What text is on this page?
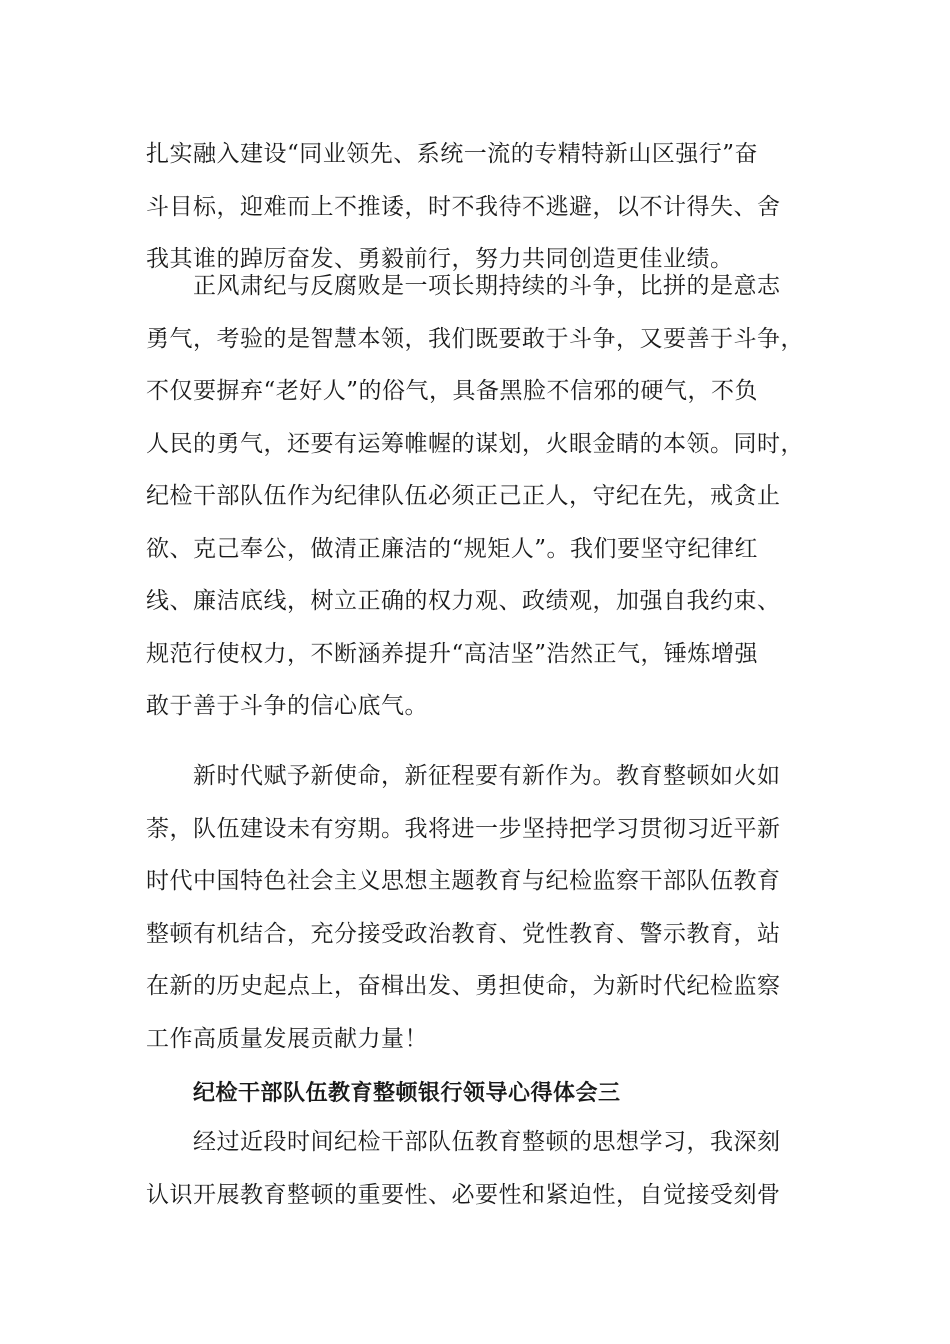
扎实融入建设“同业领先、系统一流的专精特新山区强行”奋
斗目标，迎难而上不推诿，时不我待不逃避，以不计得失、舍
我其谁的踔厉奋发、勇毅前行，努力共同创造更佳业绩。
　　正风肃纪与反腐败是一项长期持续的斗争，比拼的是意志
勇气，考验的是智慧本领，我们既要敢于斗争，又要善于斗争，
不仅要摒弃“老好人”的俗气，具备黑脸不信邪的硬气，不负
人民的勇气，还要有运筹帷幄的谋划，火眼金睛的本领。同时，
纪检干部队伍作为纪律队伍必须正己正人，守纪在先，戒贪止
欲、克己奉公，做清正廉洁的“规矩人”。我们要坚守纪律红
线、廉洁底线，树立正确的权力观、政绩观，加强自我约束、
规范行使权力，不断涵养提升“高洁坚”浩然正气，锤炼增强
敢于善于斗争的信心底气。
　　新时代赋予新使命，新征程要有新作为。教育整顿如火如
荼，队伍建设未有穷期。我将进一步坚持把学习贯彻习近平新
时代中国特色社会主义思想主题教育与纪检监察干部队伍教育
整顿有机结合，充分接受政治教育、党性教育、警示教育，站
在新的历史起点上，奋楫出发、勇担使命，为新时代纪检监察
工作高质量发展贡献力量！
纪检干部队伍教育整顿银行领导心得体会三
　　经过近段时间纪检干部队伍教育整顿的思想学习，我深刻
认识开展教育整顿的重要性、必要性和紧迫性，自觉接受刻骨
